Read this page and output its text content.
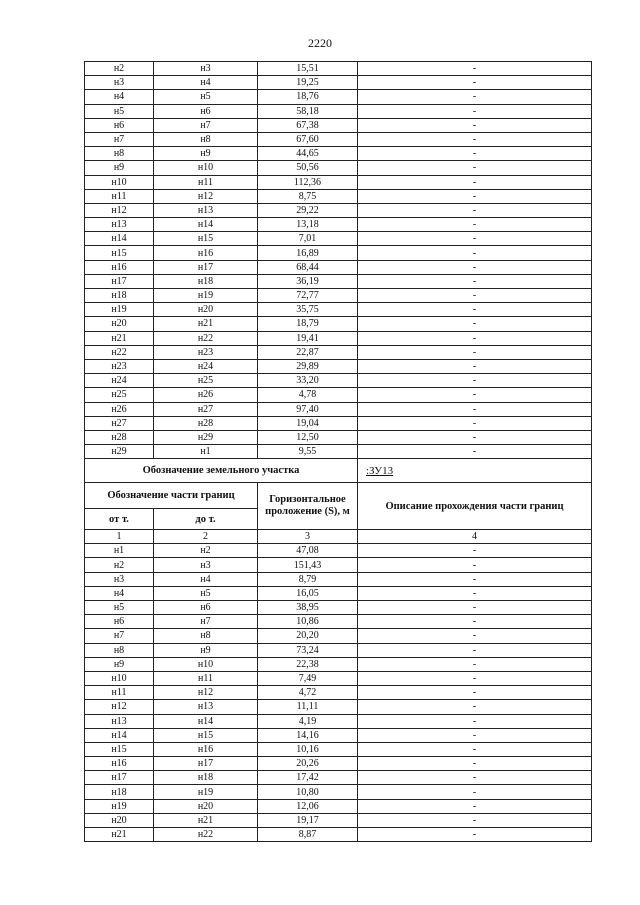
2220
н2	н3	15,51	-
н3	н4	19,25	-
н4	н5	18,76	-
н5	н6	58,18	-
н6	н7	67,38	-
н7	н8	67,60	-
н8	н9	44,65	-
н9	н10	50,56	-
н10	н11	112,36	-
н11	н12	8,75	-
н12	н13	29,22	-
н13	н14	13,18	-
н14	н15	7,01	-
н15	н16	16,89	-
н16	н17	68,44	-
н17	н18	36,19	-
н18	н19	72,77	-
н19	н20	35,75	-
н20	н21	18,79	-
н21	н22	19,41	-
н22	н23	22,87	-
н23	н24	29,89	-
н24	н25	33,20	-
н25	н26	4,78	-
н26	н27	97,40	-
н27	н28	19,04	-
н28	н29	12,50	-
н29	н1	9,55	-
Обозначение земельного участка			:ЗУ13
Обозначение части границ		Горизонтальное проложение (S), м	Описание прохождения части границ
от т.	до т.		
1	2	3	4
н1	н2	47,08	-
н2	н3	151,43	-
н3	н4	8,79	-
н4	н5	16,05	-
н5	н6	38,95	-
н6	н7	10,86	-
н7	н8	20,20	-
н8	н9	73,24	-
н9	н10	22,38	-
н10	н11	7,49	-
н11	н12	4,72	-
н12	н13	11,11	-
н13	н14	4,19	-
н14	н15	14,16	-
н15	н16	10,16	-
н16	н17	20,26	-
н17	н18	17,42	-
н18	н19	10,80	-
н19	н20	12,06	-
н20	н21	19,17	-
н21	н22	8,87	-
